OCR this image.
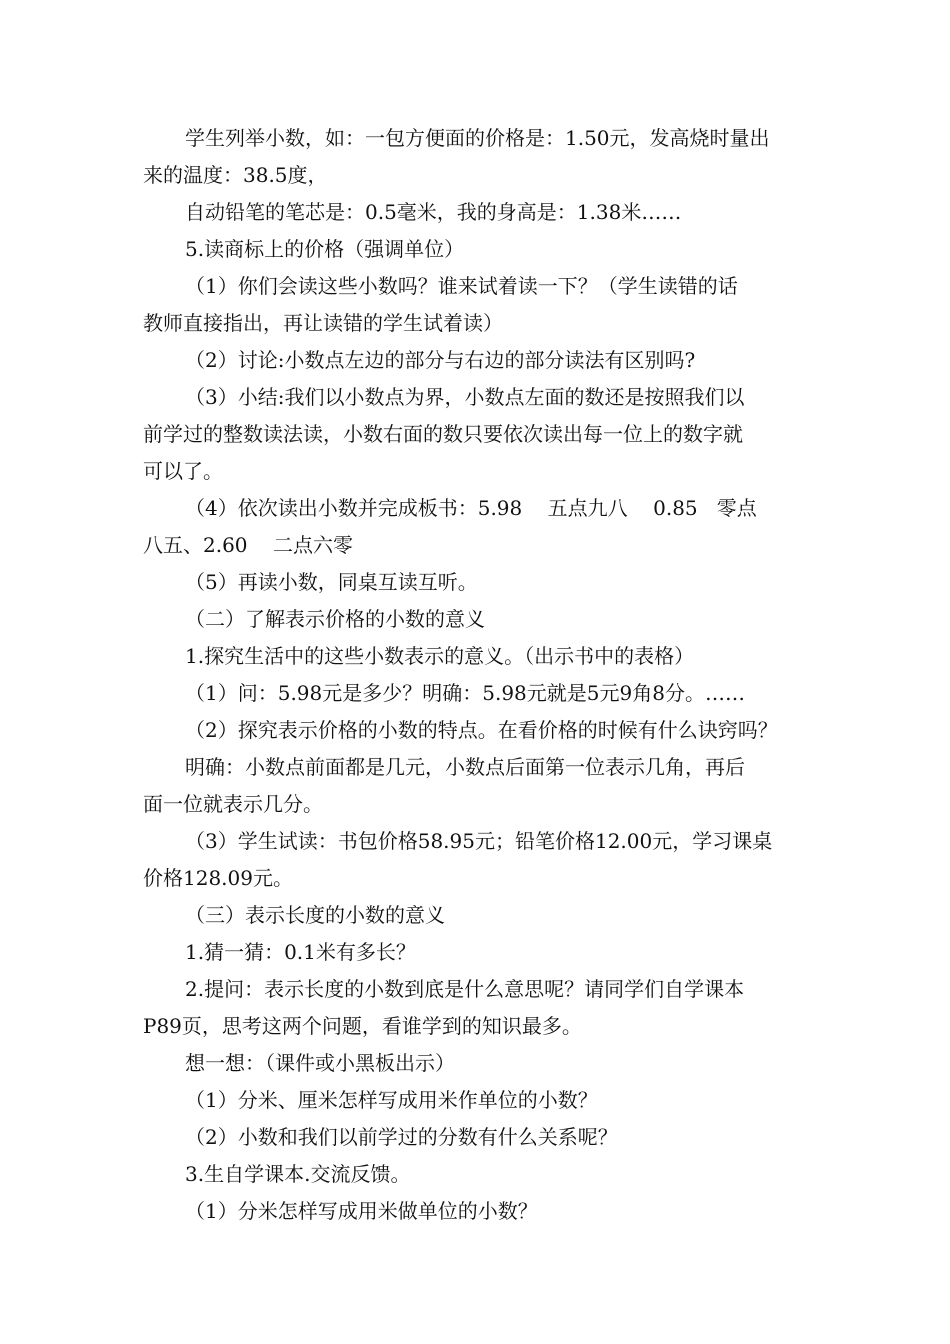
学生列举小数，如：一包方便面的价格是：1.50元，发高烧时量出
来的温度：38.5度，
自动铅笔的笔芯是：0.5毫米，我的身高是：1.38米……
5.读商标上的价格（强调单位）
（1）你们会读这些小数吗？谁来试着读一下？（学生读错的话
教师直接指出，再让读错的学生试着读）
（2）讨论:小数点左边的部分与右边的部分读法有区别吗?
（3）小结:我们以小数点为界，小数点左面的数还是按照我们以
前学过的整数读法读，小数右面的数只要依次读出每一位上的数字就
可以了。
（4）依次读出小数并完成板书：5.98    五点九八    0.85   零点
八五、2.60    二点六零
（5）再读小数，同桌互读互听。
（二）了解表示价格的小数的意义
1.探究生活中的这些小数表示的意义。（出示书中的表格）
（1）问：5.98元是多少？明确：5.98元就是5元9角8分。……
（2）探究表示价格的小数的特点。在看价格的时候有什么诀窍吗？
明确：小数点前面都是几元，小数点后面第一位表示几角，再后
面一位就表示几分。
（3）学生试读：书包价格58.95元；铅笔价格12.00元，学习课桌
价格128.09元。
（三）表示长度的小数的意义
1.猜一猜：0.1米有多长？
2.提问：表示长度的小数到底是什么意思呢？请同学们自学课本
P89页，思考这两个问题，看谁学到的知识最多。
想一想：（课件或小黑板出示）
（1）分米、厘米怎样写成用米作单位的小数？
（2）小数和我们以前学过的分数有什么关系呢？
3.生自学课本.交流反馈。
（1）分米怎样写成用米做单位的小数？
